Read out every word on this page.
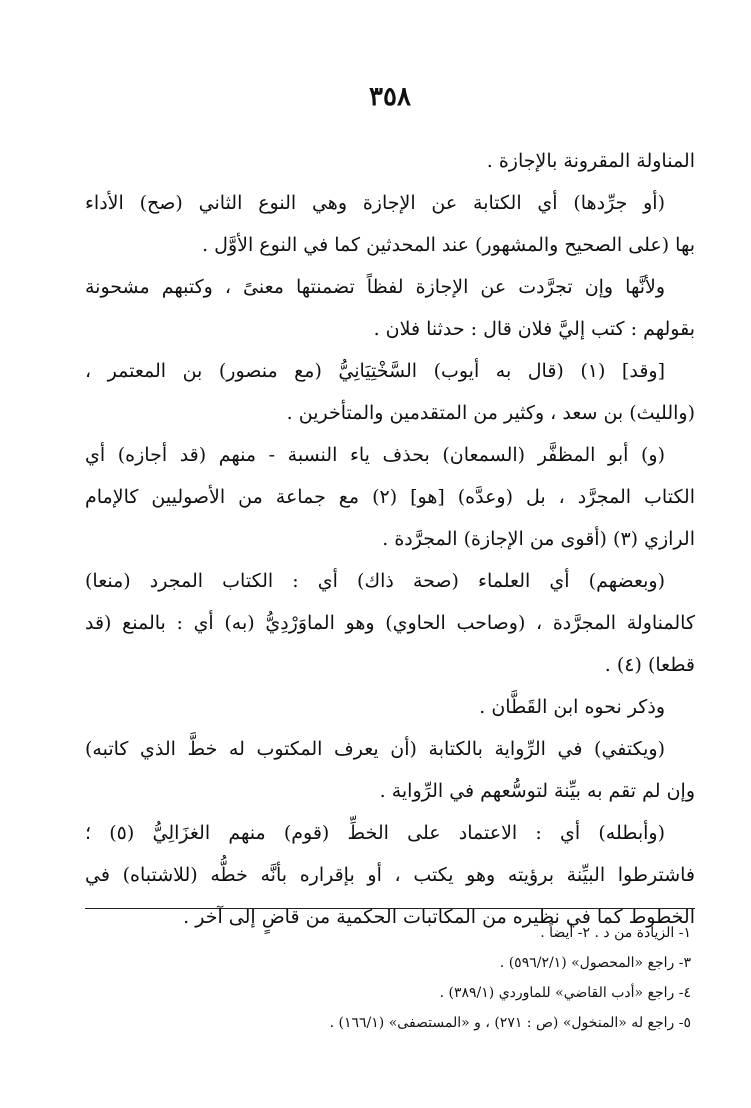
٣٥٨
المناولة المقرونة بالإجازة .
(أو جرِّدها) أي الكتابة عن الإجازة وهي النوع الثاني (صح) الأداء
بها (على الصحيح والمشهور) عند المحدثين كما في النوع الأوَّل .
ولأنَّها وإن تجرَّدت عن الإجازة لفظاً تضمنتها معنىً ، وكتبهم مشحونة
بقولهم : كتب إليَّ فلان قال : حدثنا فلان .
[وقد] (١) (قال به أيوب) السَّخْتِيَانِيُّ (مع منصور) بن المعتمر ،
(والليث) بن سعد ، وكثير من المتقدمين والمتأخرين .
(و) أبو المظفَّر (السمعان) بحذف ياء النسبة - منهم (قد أجازه) أي
الكتاب المجرَّد ، بل (وعدَّه) [هو] (٢) مع جماعة من الأصوليين كالإمام
الرازي (٣) (أقوى من الإجازة) المجرَّدة .
(وبعضهم) أي العلماء (صحة ذاك) أي : الكتاب المجرد (منعا)
كالمناولة المجرَّدة ، (وصاحب الحاوي) وهو الماوَرْدِيُّ (به) أي : بالمنع (قد
قطعا) (٤) .
وذكر نحوه ابن القَطَّان .
(ويكتفي) في الرِّواية بالكتابة (أن يعرف المكتوب له خطَّ الذي كاتبه)
وإن لم تقم به بيِّنة لتوسُّعهم في الرِّواية .
(وأبطله) أي : الاعتماد على الخطِّ (قوم) منهم الغزَالِيُّ (٥) ؛
فاشترطوا البيِّنة برؤيته وهو يكتب ، أو بإقراره بأنَّه خطُّه (للاشتباه) في
الخطوط كما في نظيره من المكاتبات الحكمية من قاضٍ إلى آخر .
١- الزيادة من د . ٢- أيضاً .
٣- راجع «المحصول» (٥٩٦/٢/١) .
٤- راجع «أدب القاضي» للماوردي (٣٨٩/١) .
٥- راجع له «المنخول» (ص : ٢٧١) ، و «المستصفى» (١٦٦/١) .
